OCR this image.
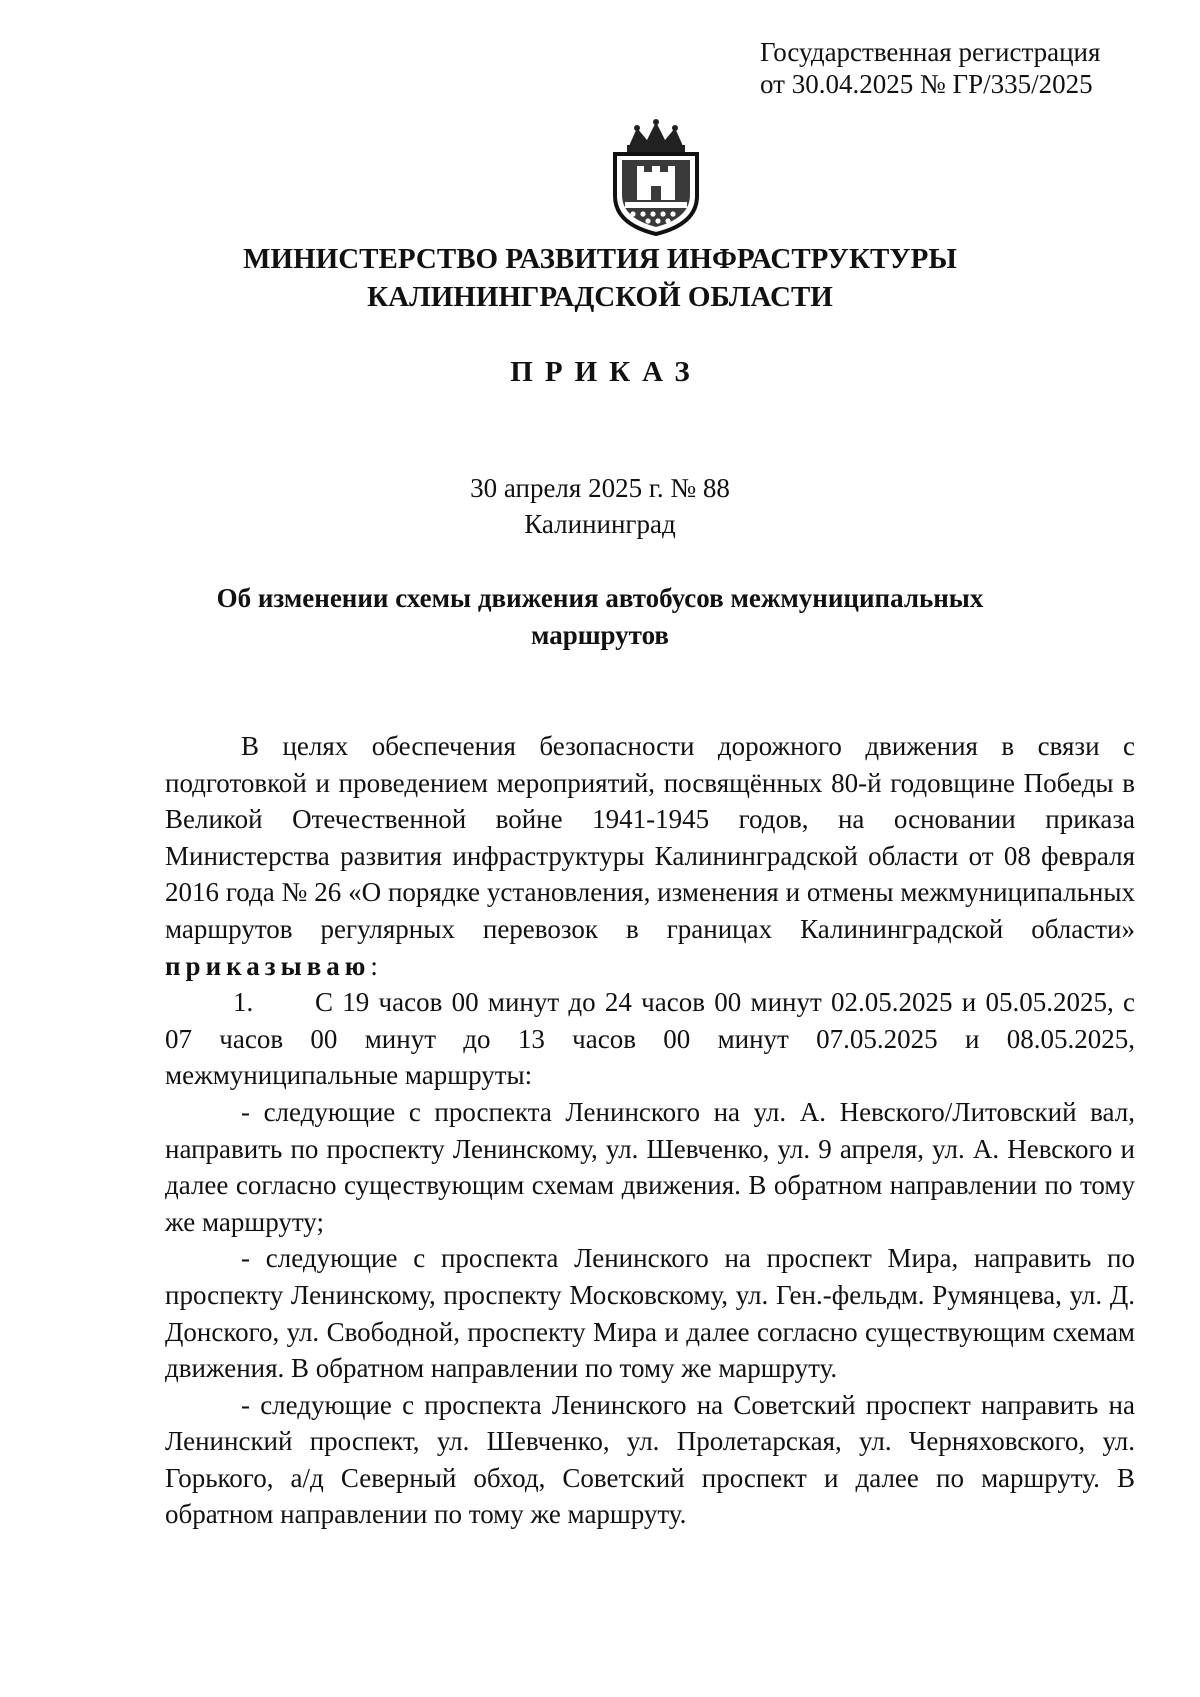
Государственная регистрация
от 30.04.2025 № ГР/335/2025
МИНИСТЕРСТВО РАЗВИТИЯ ИНФРАСТРУКТУРЫ
КАЛИНИНГРАДСКОЙ ОБЛАСТИ
ПРИКАЗ
30 апреля 2025 г. № 88
Калининград
Об изменении схемы движения автобусов межмуниципальных
маршрутов

В целях обеспечения безопасности дорожного движения в связи с подготовкой и проведением мероприятий, посвящённых 80-й годовщине Победы в Великой Отечественной войне 1941-1945 годов, на основании приказа Министерства развития инфраструктуры Калининградской области от 08 февраля 2016 года № 26 «О порядке установления, изменения и отмены межмуниципальных маршрутов регулярных перевозок в границах Калининградской области» приказываю:

1. С 19 часов 00 минут до 24 часов 00 минут 02.05.2025 и 05.05.2025, с 07 часов 00 минут до 13 часов 00 минут 07.05.2025 и 08.05.2025, межмуниципальные маршруты:

- следующие с проспекта Ленинского на ул. А. Невского/Литовский вал, направить по проспекту Ленинскому, ул. Шевченко, ул. 9 апреля, ул. А. Невского и далее согласно существующим схемам движения. В обратном направлении по тому же маршруту;

- следующие с проспекта Ленинского на проспект Мира, направить по проспекту Ленинскому, проспекту Московскому, ул. Ген.-фельдм. Румянцева, ул. Д. Донского, ул. Свободной, проспекту Мира и далее согласно существующим схемам движения. В обратном направлении по тому же маршруту.

- следующие с проспекта Ленинского на Советский проспект направить на Ленинский проспект, ул. Шевченко, ул. Пролетарская, ул. Черняховского, ул. Горького, а/д Северный обход, Советский проспект и далее по маршруту. В обратном направлении по тому же маршруту.
